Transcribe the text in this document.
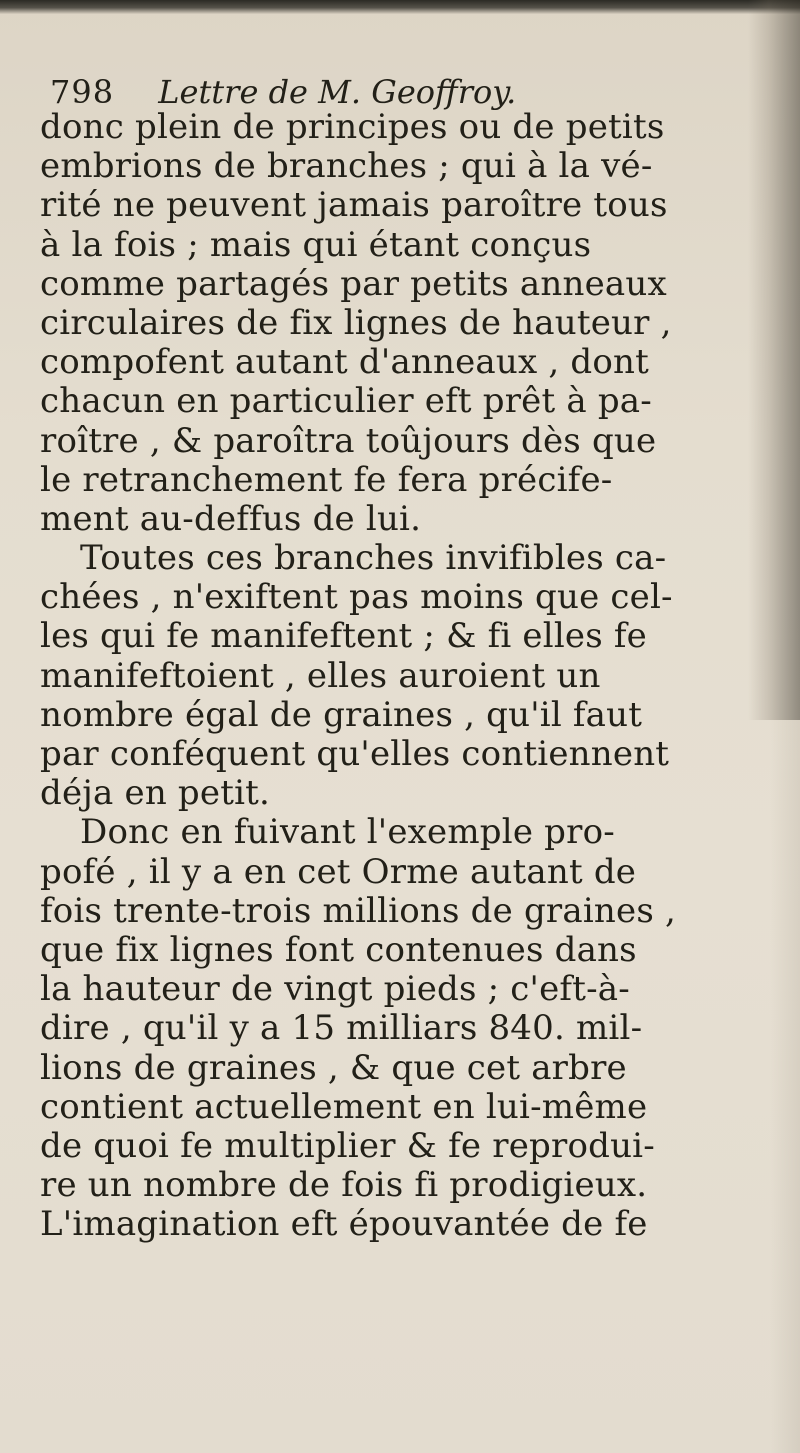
798 Lettre de M. Geoffroy.
donc plein de principes ou de petits
embrions de branches ; qui à la vé-
rité ne peuvent jamais paroître tous
à la fois ; mais qui étant conçus
comme partagés par petits anneaux
circulaires de fix lignes de hauteur ,
compofent autant d'anneaux , dont
chacun en particulier eft prêt à pa-
roître , & paroîtra toûjours dès que
le retranchement fe fera précife-
ment au-deffus de lui.
Toutes ces branches invifibles ca-
chées , n'exiftent pas moins que cel-
les qui fe manifeftent ; & fi elles fe
manifeftoient , elles auroient un
nombre égal de graines , qu'il faut
par conféquent qu'elles contiennent
déja en petit.
Donc en fuivant l'exemple pro-
pofé , il y a en cet Orme autant de
fois trente-trois millions de graines ,
que fix lignes font contenues dans
la hauteur de vingt pieds ; c'eft-à-
dire , qu'il y a 15 milliars 840. mil-
lions de graines , & que cet arbre
contient actuellement en lui-même
de quoi fe multiplier & fe reprodui-
re un nombre de fois fi prodigieux.
L'imagination eft épouvantée de fe
